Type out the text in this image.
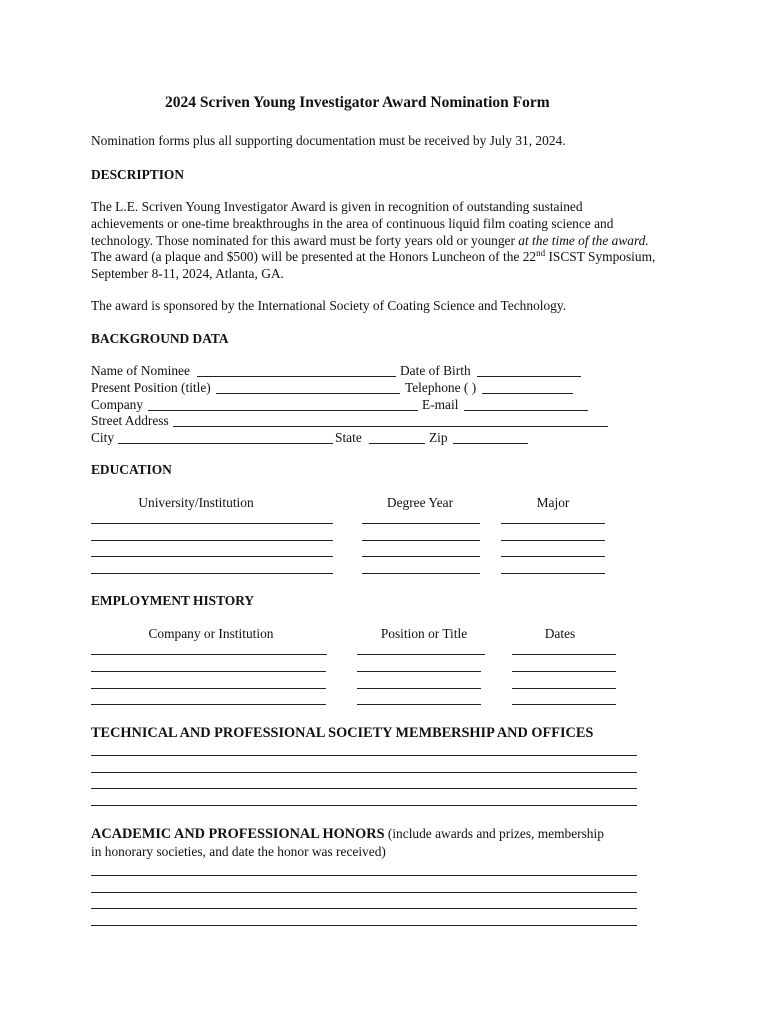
2024 Scriven Young Investigator Award Nomination Form
Nomination forms plus all supporting documentation must be received by July 31, 2024.
DESCRIPTION
The L.E. Scriven Young Investigator Award is given in recognition of outstanding sustained
achievements or one-time breakthroughs in the area of continuous liquid film coating science and
technology. Those nominated for this award must be forty years old or younger at the time of the award.
The award (a plaque and $500) will be presented at the Honors Luncheon of the 22nd ISCST Symposium,
September 8-11, 2024, Atlanta, GA.
The award is sponsored by the International Society of Coating Science and Technology.
BACKGROUND DATA
Name of Nominee	Date of Birth
Present Position (title)	Telephone ( )
Company	E-mail
Street Address
City	State	Zip
EDUCATION
University/Institution	Degree Year	Major
EMPLOYMENT HISTORY
Company or Institution	Position or Title	Dates
TECHNICAL AND PROFESSIONAL SOCIETY MEMBERSHIP AND OFFICES
ACADEMIC AND PROFESSIONAL HONORS (include awards and prizes, membership
in honorary societies, and date the honor was received)
